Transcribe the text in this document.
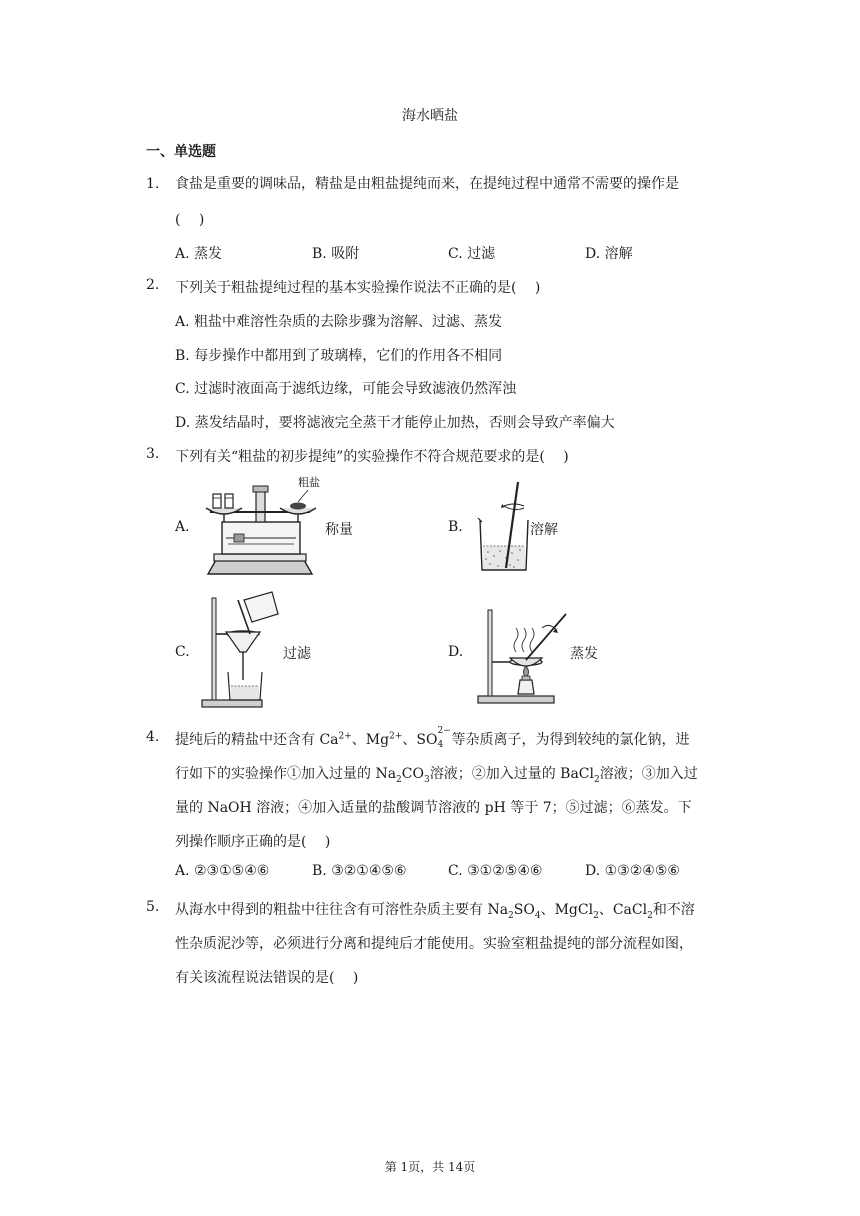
海水晒盐
一、单选题
1.	食盐是重要的调味品，精盐是由粗盐提纯而来，在提纯过程中通常不需要的操作是
(　 )
A. 蒸发	B. 吸附	C. 过滤	D. 溶解
2.	下列关于粗盐提纯过程的基本实验操作说法不正确的是(　 )
A. 粗盐中难溶性杂质的去除步骤为溶解、过滤、蒸发
B. 每步操作中都用到了玻璃棒，它们的作用各不相同
C. 过滤时液面高于滤纸边缘，可能会导致滤液仍然浑浊
D. 蒸发结晶时，要将滤液完全蒸干才能停止加热，否则会导致产率偏大
3.	下列有关“粗盐的初步提纯”的实验操作不符合规范要求的是(　 )
A.
粗盐
称量	B.	溶解
C.	过滤	D.	蒸发
4.	提纯后的精盐中还含有 $Ca^{2+}$、$Mg^{2+}$、SO
2−
4 等杂质离子，为得到较纯的氯化钠，进
行如下的实验操作①加入过量的 $Na_2CO_3$溶液；②加入过量的 BaCl$_2$溶液；③加入过
量的 NaOH 溶液；④加入适量的盐酸调节溶液的 pH 等于 7；⑤过滤；⑥蒸发。下
列操作顺序正确的是(　 )
A. ②③①⑤④⑥	B. ③②①④⑤⑥	C. ③①②⑤④⑥	D. ①③②④⑤⑥
5.	从海水中得到的粗盐中往往含有可溶性杂质主要有 $Na_2SO_4$、MgCl$_2$、CaCl$_2$和不溶
性杂质泥沙等，必须进行分离和提纯后才能使用。实验室粗盐提纯的部分流程如图，
有关该流程说法错误的是(　 )
第 1页，共 14页
